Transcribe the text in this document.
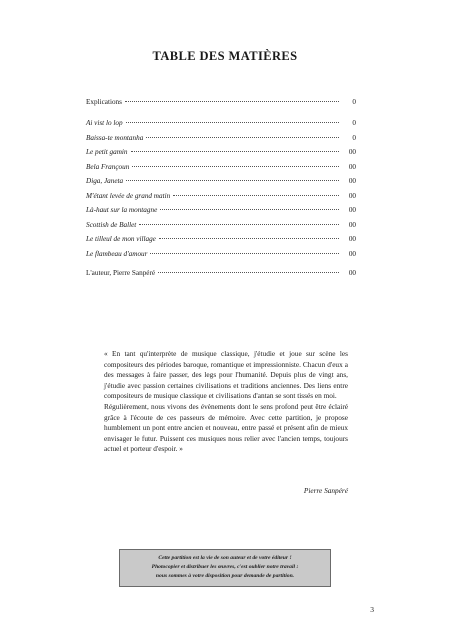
TABLE DES MATIÈRES
Explications	0
Ai vist lo lop	0
Baissa-te montanha	0
Le petit gamin	00
Bela Françoun	00
Diga, Janeta	00
M'étant levée de grand matin	00
Là-haut sur la montagne	00
Scottish de Ballet	00
Le tilleul de mon village	00
Le flambeau d'amour	00
L'auteur, Pierre Sanpéré	00

« En tant qu'interprète de musique classique, j'étudie et joue sur scène les compositeurs des périodes baroque, romantique et impressionniste. Chacun d'eux a des messages à faire passer, des legs pour l'humanité. Depuis plus de vingt ans, j'étudie avec passion certaines civilisations et traditions anciennes. Des liens entre compositeurs de musique classique et civilisations d'antan se sont tissés en moi.

Régulièrement, nous vivons des évènements dont le sens profond peut être éclairé grâce à l'écoute de ces passeurs de mémoire. Avec cette partition, je propose humblement un pont entre ancien et nouveau, entre passé et présent afin de mieux envisager le futur. Puissent ces musiques nous relier avec l'ancien temps, toujours actuel et porteur d'espoir. »

Pierre Sanpéré
Cette partition est la vie de son auteur et de votre éditeur !
Photocopier et distribuer les œuvres, c'est oublier notre travail :
nous sommes à votre disposition pour demande de partition.
3
